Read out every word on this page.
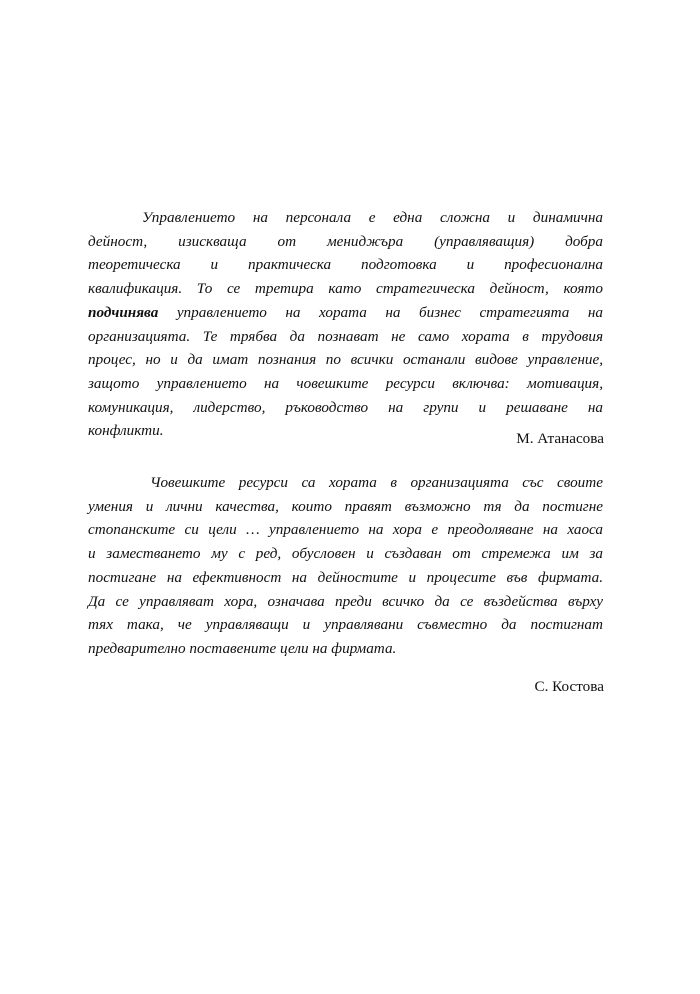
Управлението на персонала е една сложна и динамична
дейност, изискваща от мениджъра (управляващия) добра
теоретическа и практическа подготовка и професионална
квалификация. То се третира като стратегическа дейност, която
подчинява управлението на хората на бизнес стратегията на
организацията. Те трябва да познават не само хората в трудовия
процес, но и да имат познания по всички останали видове управление,
защото управлението на човешките ресурси включва: мотивация,
комуникация, лидерство, ръководство на групи и решаване на
конфликти.	М. Атанасова
Човешките ресурси са хората в организацията със своите
умения и лични качества, които правят възможно тя да постигне
стопанските си цели … управлението на хора е преодоляване на хаоса
и заместването му с ред, обусловен и създаван от стремежа им за
постигане на ефективност на дейностите и процесите във фирмата.
Да се управляват хора, означава преди всичко да се въздейства върху
тях така, че управляващи и управлявани съвместно да постигнат
предварително поставените цели на фирмата.
С. Костова
